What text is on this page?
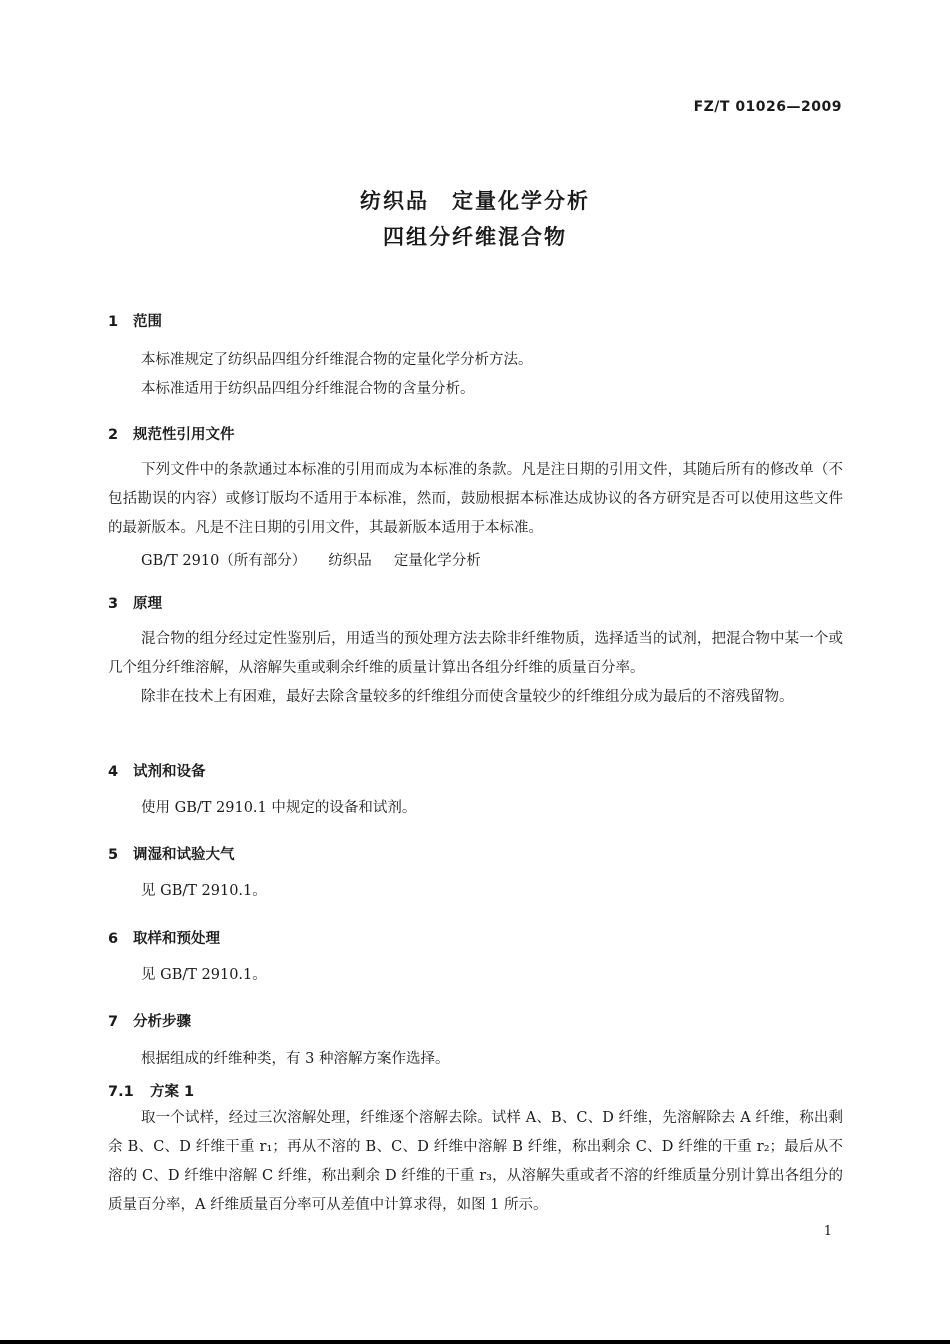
FZ/T 01026—2009
纺织品　定量化学分析
四组分纤维混合物
1 范围
本标准规定了纺织品四组分纤维混合物的定量化学分析方法。
本标准适用于纺织品四组分纤维混合物的含量分析。
2 规范性引用文件
下列文件中的条款通过本标准的引用而成为本标准的条款。凡是注日期的引用文件，其随后所有的修改单（不包括勘误的内容）或修订版均不适用于本标准，然而，鼓励根据本标准达成协议的各方研究是否可以使用这些文件的最新版本。凡是不注日期的引用文件，其最新版本适用于本标准。
GB/T 2910（所有部分） 纺织品 定量化学分析
3 原理
混合物的组分经过定性鉴别后，用适当的预处理方法去除非纤维物质，选择适当的试剂，把混合物中某一个或几个组分纤维溶解，从溶解失重或剩余纤维的质量计算出各组分纤维的质量百分率。
除非在技术上有困难，最好去除含量较多的纤维组分而使含量较少的纤维组分成为最后的不溶残留物。
4 试剂和设备
使用 GB/T 2910.1 中规定的设备和试剂。
5 调湿和试验大气
见 GB/T 2910.1。
6 取样和预处理
见 GB/T 2910.1。
7 分析步骤
根据组成的纤维种类，有 3 种溶解方案作选择。
7.1 方案 1
取一个试样，经过三次溶解处理，纤维逐个溶解去除。试样 A、B、C、D 纤维，先溶解除去 A 纤维，称出剩余 B、C、D 纤维干重 r₁；再从不溶的 B、C、D 纤维中溶解 B 纤维，称出剩余 C、D 纤维的干重 r₂；最后从不溶的 C、D 纤维中溶解 C 纤维，称出剩余 D 纤维的干重 r₃，从溶解失重或者不溶的纤维质量分别计算出各组分的质量百分率，A 纤维质量百分率可从差值中计算求得，如图 1 所示。
1
